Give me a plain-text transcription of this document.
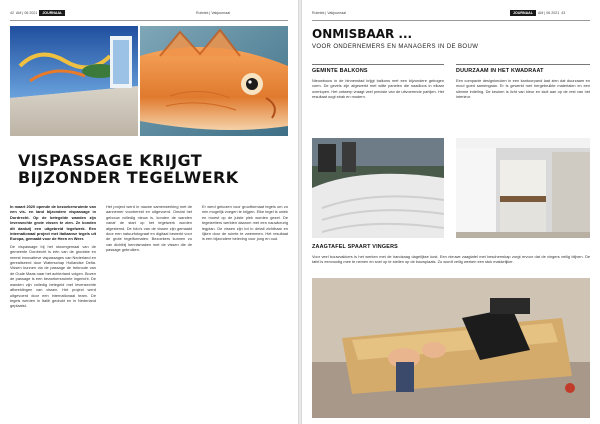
42 AM | 06 2021	JOURNAAL	Rubriek | Vakjournaal
VISPASSAGE KRIJGT BIJZONDER TEGELWERK

In maart 2020 opende de bezoekersruimte van een vis- en land bijzondere vispassage in Dordrecht. Op de betegelde wanden zijn levensechte grote vissen te zien. Ze konden dit dankzij een uitgebreid tegelwerk. Een internationaal project met Italiaanse tegels uit Europa, gemaakt voor de Heen en Weer.

De vispassage bij het stoomgemaal van de gemeente Dordrecht is één van de grootste en meest innovatieve vispassages van Nederland en gerealiseerd door Waterschap Hollandse Delta. Vissen kunnen via de passage de trekroute van de Oude Maas naar het achterland volgen. Boven de passage is een bezoekersruimte ingericht. De wanden zijn volledig betegeld met levensechte afbeeldingen van vissen. Het project werd uitgevoerd door een internationaal team. De tegels werden in Italië gedrukt en in Nederland geplaatst.

Het project werd in nauwe samenwerking met de aannemer voorbereid en uitgevoerd. Omdat het gebouw volledig nieuw is, konden de wanden vanaf de start op het tegelwerk worden afgestemd. De foto's van de vissen zijn gemaakt door een natuurfotograaf en digitaal bewerkt voor de grote tegelformaten. Bezoekers kunnen zo van dichtbij kennismaken met de vissen die de passage gebruiken.

Er werd gekozen voor grootformaat tegels om zo min mogelijk voegen te krijgen. Elke tegel is uniek en moest op de juiste plek worden gezet. De tegelzetters werkten daarom met een nauwkeurig legplan. De vissen zijn tot in detail zichtbaar en lijken door de ruimte te zwemmen. Het resultaat is een bijzondere beleving voor jong en oud.

Rubriek | Vakjournaal	JOURNAAL	AM | 06 2021 43
ONMISBAAR ...
VOOR ONDERNEMERS EN MANAGERS IN DE BOUW
GEMINTE BALKONS
Nieuwbouw in de binnenstad krijgt balkons met een bijzondere gebogen vorm. De gevels zijn afgewerkt met witte panelen die naadloos in elkaar overlopen. Het ontwerp vraagt veel precisie van de uitvoerende partijen. Het resultaat oogt strak en modern.
DUURZAAM IN HET KWADRAAT
Een compacte designkeuken in een kantoorpand laat zien dat duurzaam en mooi goed samengaan. Er is gewerkt met hergebruikte materialen en een slimme indeling. De keuken is licht van kleur en sluit aan op de rest van het interieur.
ZAAGTAFEL SPAART VINGERS
Voor veel bouwvakkers is het werken met de handzaag dagelijkse kost. Een nieuwe zaagtafel met beschermkap zorgt ervoor dat de vingers veilig blijven. De tafel is eenvoudig mee te nemen en snel op te stellen op de bouwplaats. Zo wordt veilig werken een stuk makkelijker.
